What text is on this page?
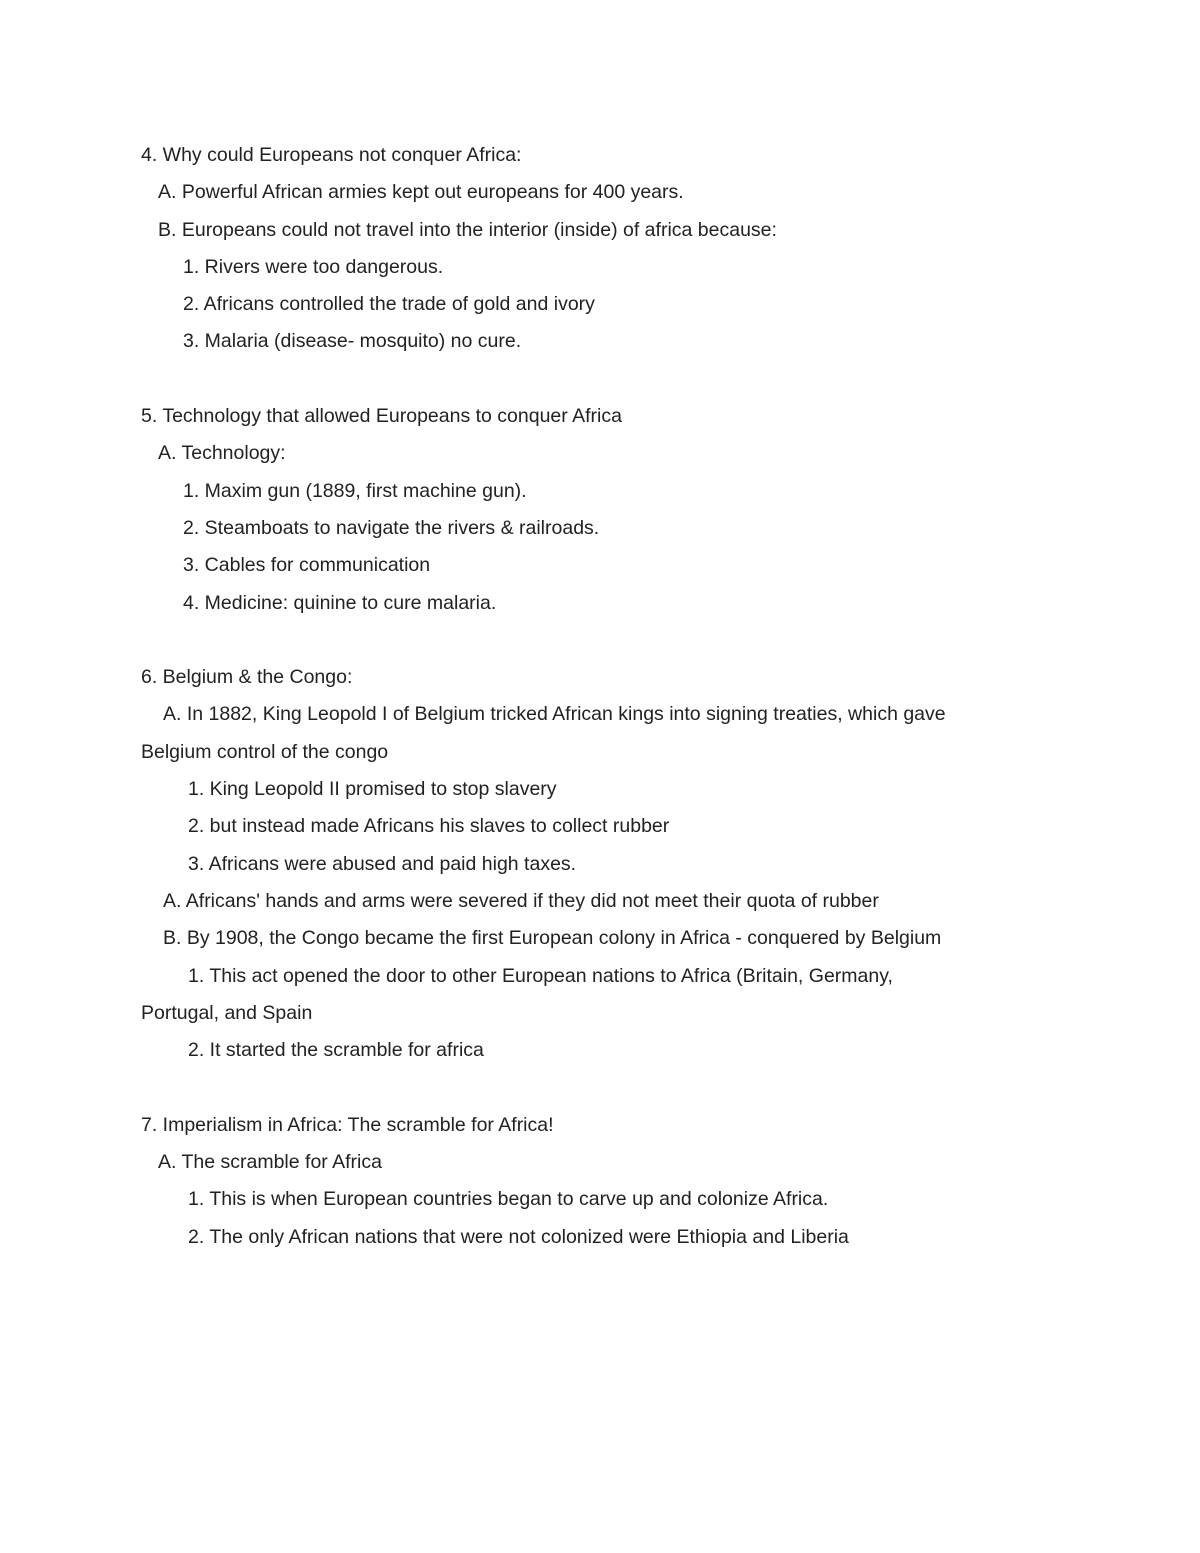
4. Why could Europeans not conquer Africa:
A. Powerful African armies kept out europeans for 400 years.
B. Europeans could not travel into the interior (inside) of africa because:
1. Rivers were too dangerous.
2. Africans controlled the trade of gold and ivory
3. Malaria (disease- mosquito) no cure.
5. Technology that allowed Europeans to conquer Africa
A. Technology:
1. Maxim gun (1889, first machine gun).
2. Steamboats to navigate the rivers & railroads.
3. Cables for communication
4. Medicine: quinine to cure malaria.
6. Belgium & the Congo:
A. In 1882, King Leopold I of Belgium tricked African kings into signing treaties, which gave
Belgium control of the congo
1. King Leopold II promised to stop slavery
2. but instead made Africans his slaves to collect rubber
3. Africans were abused and paid high taxes.
A. Africans' hands and arms were severed if they did not meet their quota of rubber
B. By 1908, the Congo became the first European colony in Africa - conquered by Belgium
1. This act opened the door to other European nations to Africa (Britain, Germany,
Portugal, and Spain
2. It started the scramble for africa
7. Imperialism in Africa: The scramble for Africa!
A. The scramble for Africa
1. This is when European countries began to carve up and colonize Africa.
2. The only African nations that were not colonized were Ethiopia and Liberia
